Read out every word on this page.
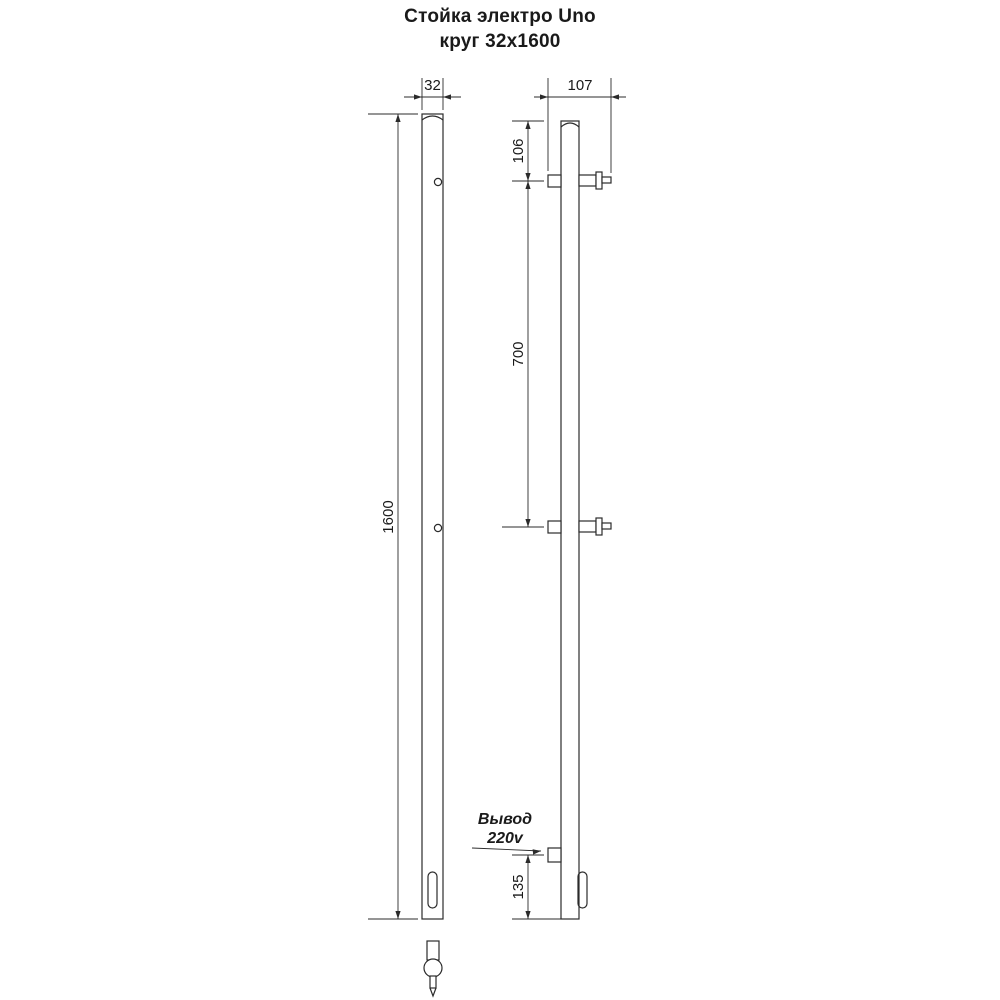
Стойка электро Uno
круг 32х1600
32
1600
107
106
700
135
Вывод
220v
